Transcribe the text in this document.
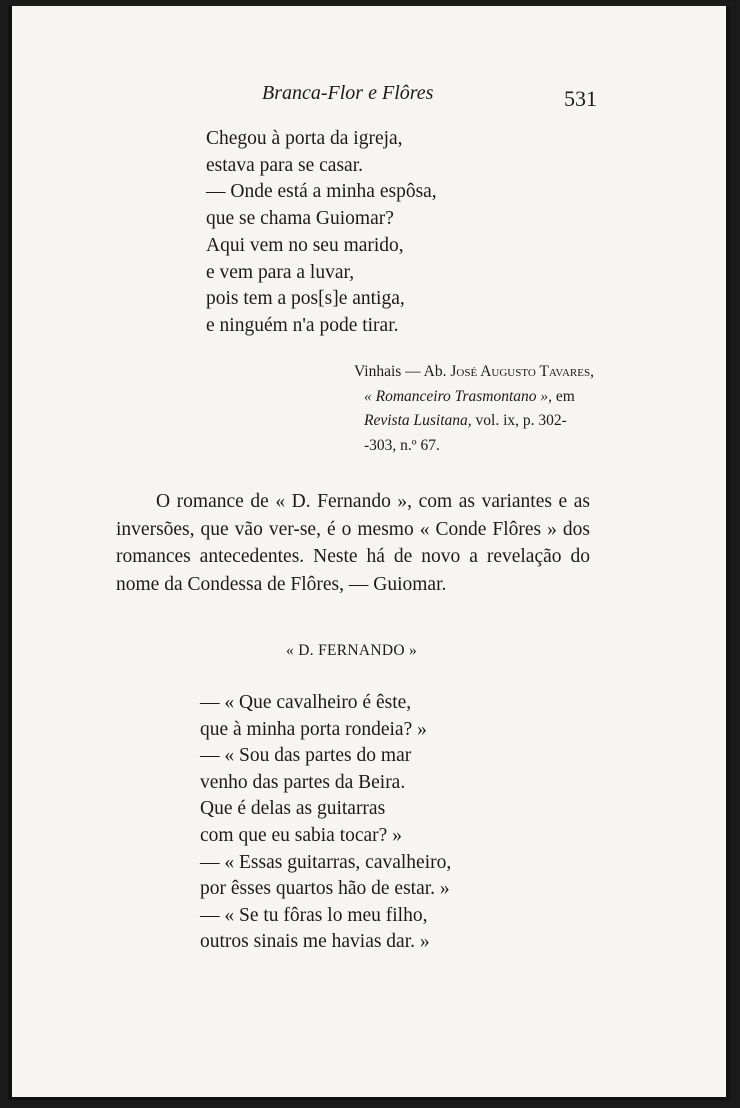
Branca-Flor e Flôres	531
Chegou à porta da igreja,
estava para se casar.
— Onde está a minha espôsa,
que se chama Guiomar?
Aqui vem no seu marido,
e vem para a luvar,
pois tem a pos[s]e antiga,
e ninguém n'a pode tirar.
Vinhais — Ab. José Augusto Tavares,
« Romanceiro Trasmontano », em
Revista Lusitana, vol. ix, p. 302-
-303, n.º 67.

O romance de « D. Fernando », com as variantes e as inversões, que vão ver-se, é o mesmo « Conde Flôres » dos romances antecedentes. Neste há de novo a revelação do nome da Condessa de Flôres, — Guiomar.

« D. FERNANDO »
— « Que cavalheiro é êste,
que à minha porta rondeia? »
— « Sou das partes do mar
venho das partes da Beira.
Que é delas as guitarras
com que eu sabia tocar? »
— « Essas guitarras, cavalheiro,
por êsses quartos hão de estar. »
— « Se tu fôras lo meu filho,
outros sinais me havias dar. »
